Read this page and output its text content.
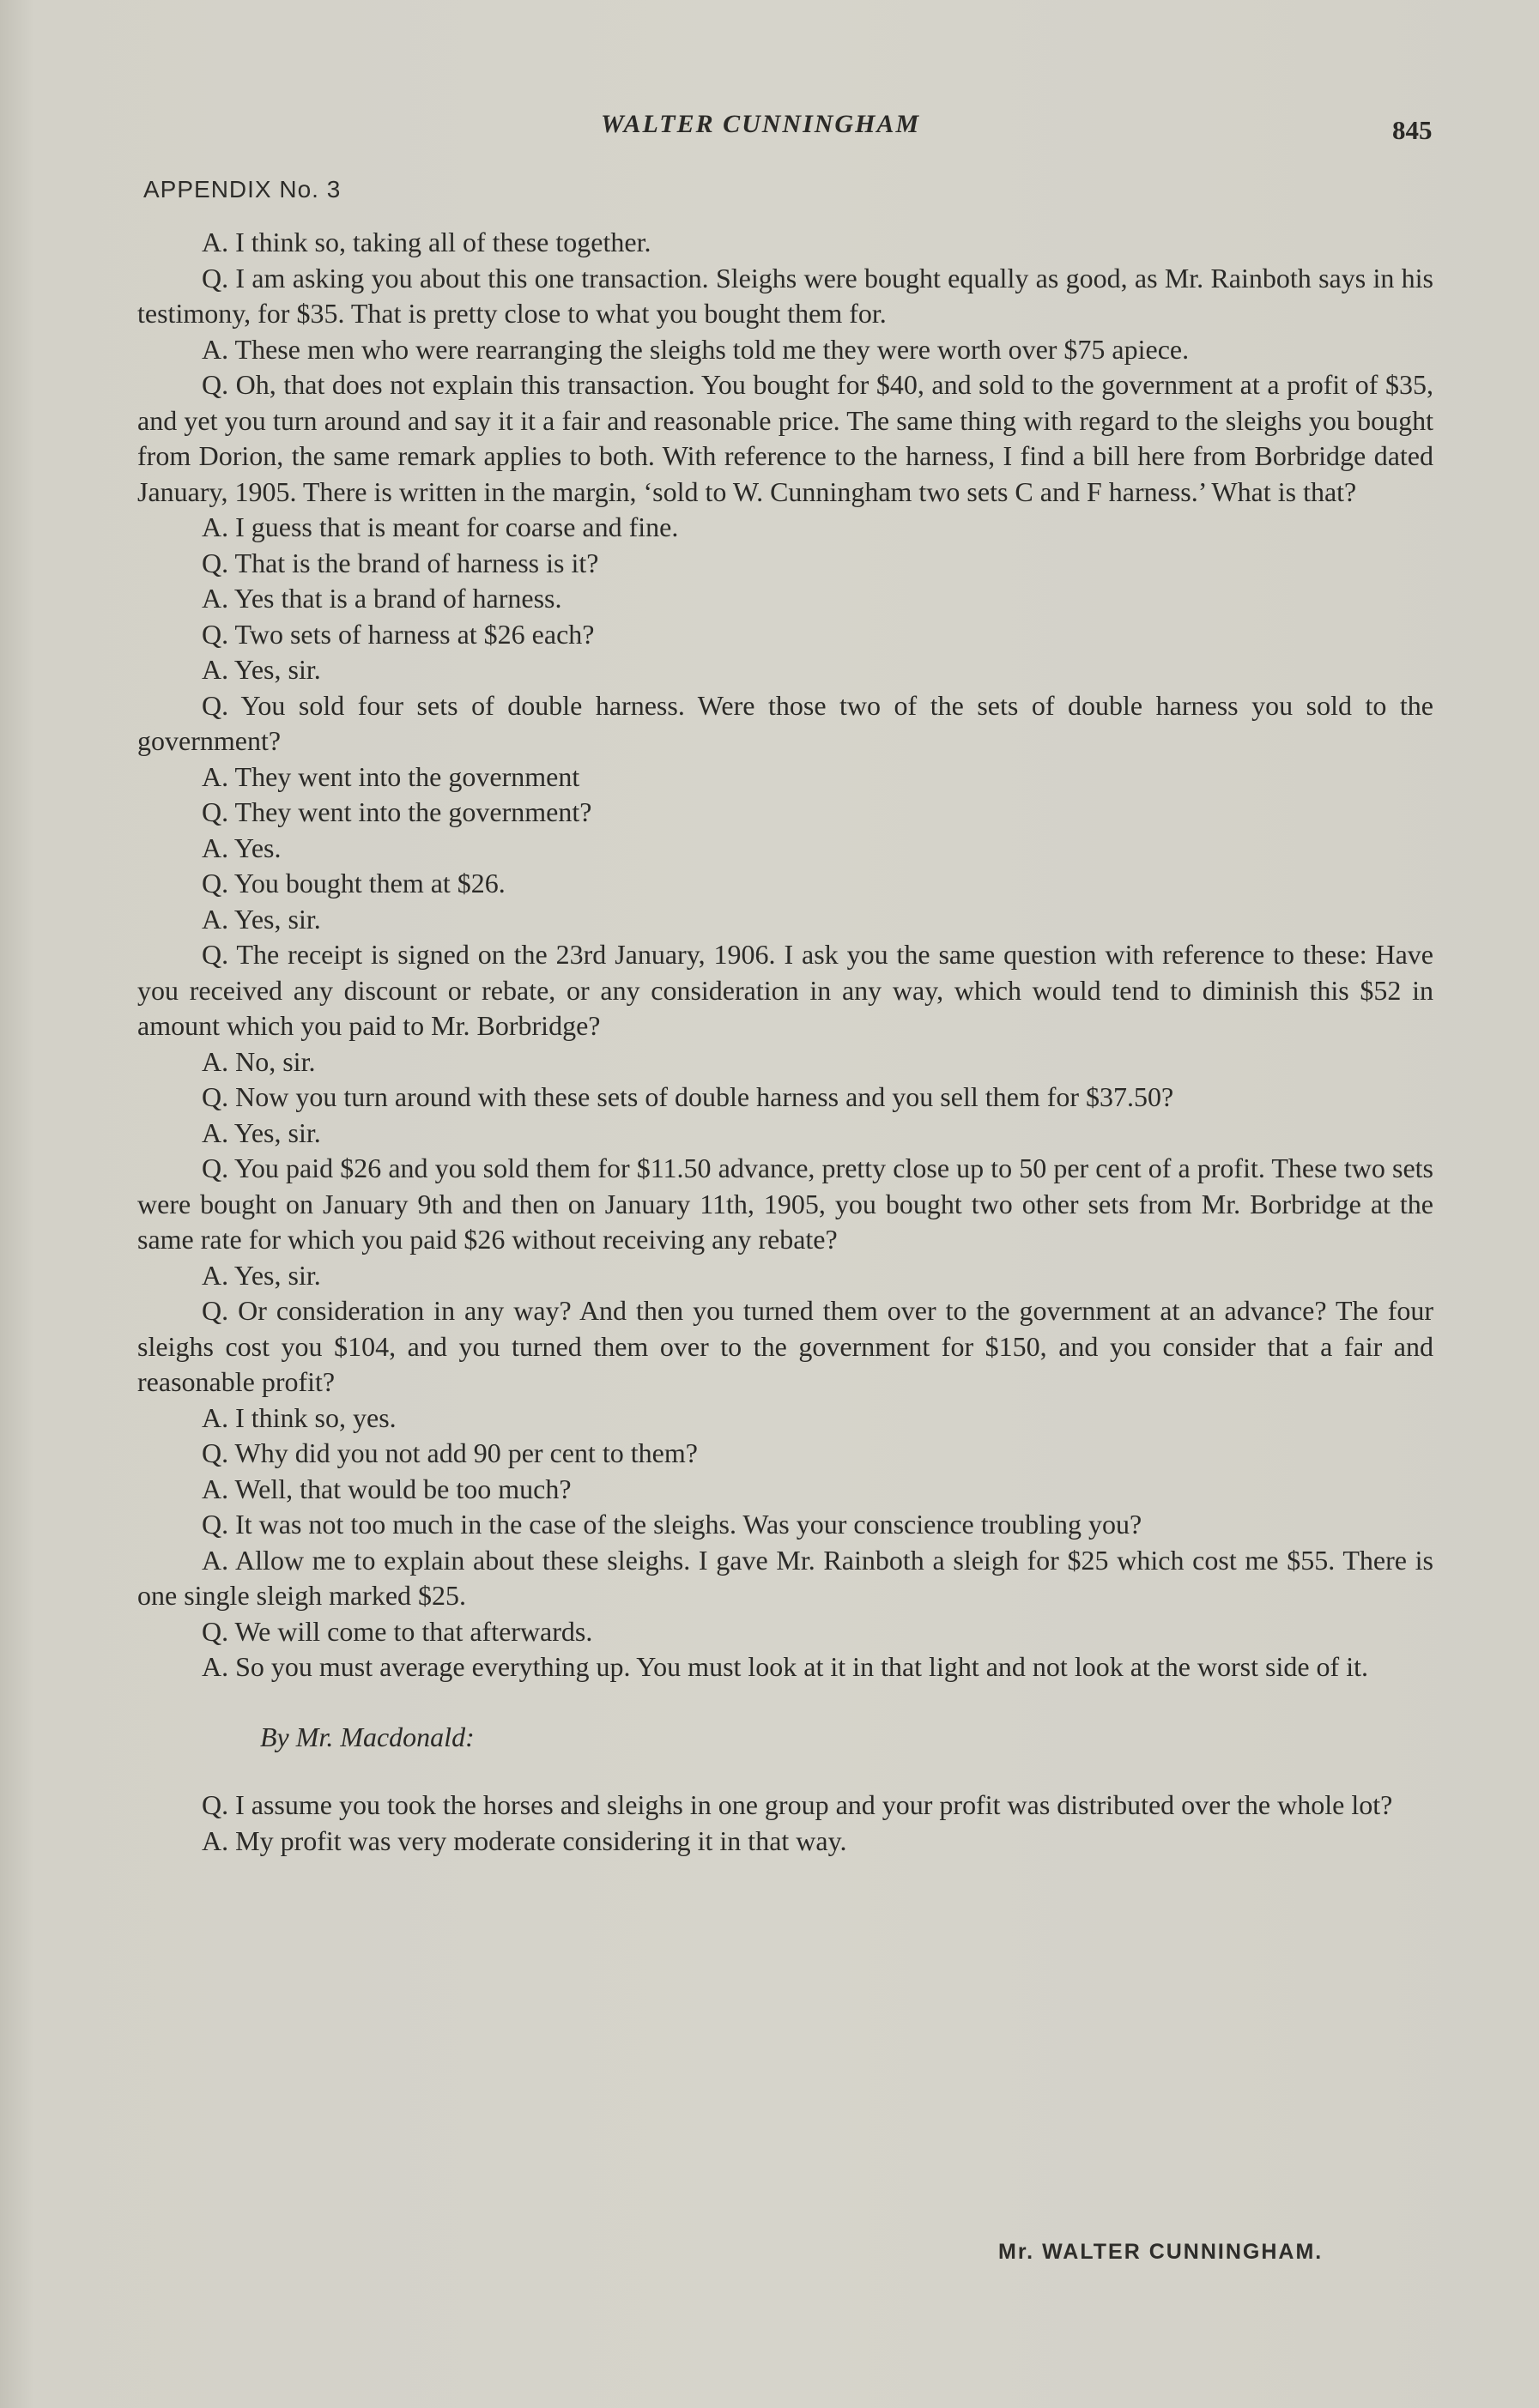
WALTER CUNNINGHAM	845
APPENDIX No. 3

A. I think so, taking all of these together.

Q. I am asking you about this one transaction. Sleighs were bought equally as good, as Mr. Rainboth says in his testimony, for $35. That is pretty close to what you bought them for.

A. These men who were rearranging the sleighs told me they were worth over $75 apiece.

Q. Oh, that does not explain this transaction. You bought for $40, and sold to the government at a profit of $35, and yet you turn around and say it it a fair and reasonable price. The same thing with regard to the sleighs you bought from Dorion, the same remark applies to both. With reference to the harness, I find a bill here from Borbridge dated January, 1905. There is written in the margin, ‘sold to W. Cunningham two sets C and F harness.’ What is that?

A. I guess that is meant for coarse and fine.

Q. That is the brand of harness is it?

A. Yes that is a brand of harness.

Q. Two sets of harness at $26 each?

A. Yes, sir.

Q. You sold four sets of double harness. Were those two of the sets of double harness you sold to the government?

A. They went into the government

Q. They went into the government?

A. Yes.

Q. You bought them at $26.

A. Yes, sir.

Q. The receipt is signed on the 23rd January, 1906. I ask you the same question with reference to these: Have you received any discount or rebate, or any consideration in any way, which would tend to diminish this $52 in amount which you paid to Mr. Borbridge?

A. No, sir.

Q. Now you turn around with these sets of double harness and you sell them for $37.50?

A. Yes, sir.

Q. You paid $26 and you sold them for $11.50 advance, pretty close up to 50 per cent of a profit. These two sets were bought on January 9th and then on January 11th, 1905, you bought two other sets from Mr. Borbridge at the same rate for which you paid $26 without receiving any rebate?

A. Yes, sir.

Q. Or consideration in any way? And then you turned them over to the government at an advance? The four sleighs cost you $104, and you turned them over to the government for $150, and you consider that a fair and reasonable profit?

A. I think so, yes.

Q. Why did you not add 90 per cent to them?

A. Well, that would be too much?

Q. It was not too much in the case of the sleighs. Was your conscience troubling you?

A. Allow me to explain about these sleighs. I gave Mr. Rainboth a sleigh for $25 which cost me $55. There is one single sleigh marked $25.

Q. We will come to that afterwards.

A. So you must average everything up. You must look at it in that light and not look at the worst side of it.

By Mr. Macdonald:

Q. I assume you took the horses and sleighs in one group and your profit was distributed over the whole lot?

A. My profit was very moderate considering it in that way.

Mr. WALTER CUNNINGHAM.
